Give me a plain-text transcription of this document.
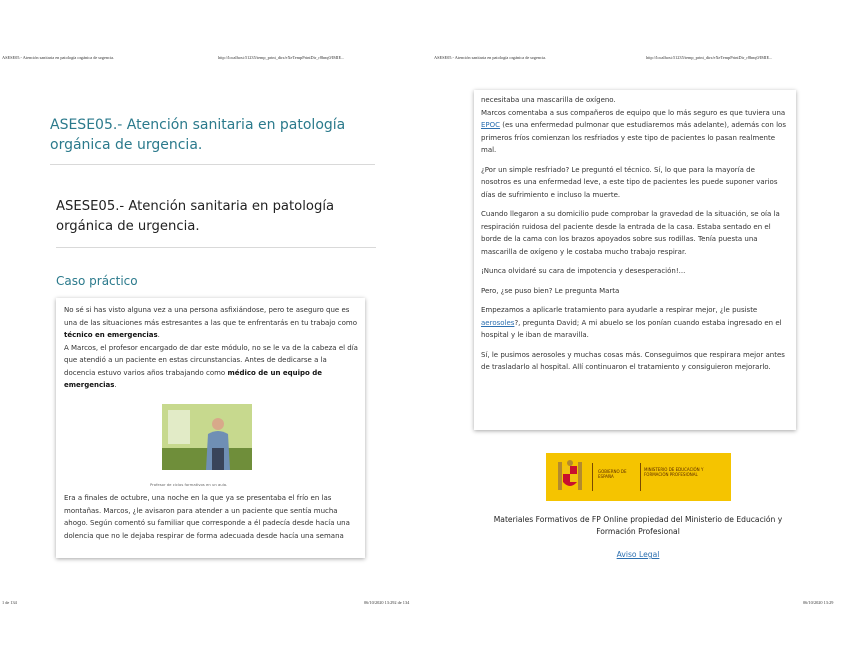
ASESE05.- Atención sanitaria en patología orgánica de urgencia.	http://localhost:51235/temp_print_dirs/eXeTempPrintDir_r8bnq0/IMIE...	ASESE05.- Atención sanitaria en patología orgánica de urgencia.	http://localhost:51235/temp_print_dirs/eXeTempPrintDir_r8bnq0/IMIE...
ASESE05.- Atención sanitaria en patología orgánica de urgencia.
ASESE05.- Atención sanitaria en patología orgánica de urgencia.
Caso práctico

No sé si has visto alguna vez a una persona asfixiándose, pero te aseguro que es una de las situaciones más estresantes a las que te enfrentarás en tu trabajo como técnico en emergencias.
A Marcos, el profesor encargado de dar este módulo, no se le va de la cabeza el día que atendió a un paciente en estas circunstancias. Antes de dedicarse a la docencia estuvo varios años trabajando como médico de un equipo de emergencias.

Profesor de ciclos formativos en un aula.
Era a finales de octubre, una noche en la que ya se presentaba el frío en las montañas. Marcos, ¿le avisaron para atender a un paciente que sentía mucha ahogo. Según comentó su familiar que corresponde a él padecía desde hacía una dolencia que no le dejaba respirar de forma adecuada desde hacía una semana

necesitaba una mascarilla de oxígeno.
Marcos comentaba a sus compañeros de equipo que lo más seguro es que tuviera una EPOC (es una enfermedad pulmonar que estudiaremos más adelante), además con los primeros fríos comienzan los resfriados y este tipo de pacientes lo pasan realmente mal.

¿Por un simple resfriado? Le preguntó el técnico. Sí, lo que para la mayoría de nosotros es una enfermedad leve, a este tipo de pacientes les puede suponer varios días de sufrimiento e incluso la muerte.

Cuando llegaron a su domicilio pude comprobar la gravedad de la situación, se oía la respiración ruidosa del paciente desde la entrada de la casa. Estaba sentado en el borde de la cama con los brazos apoyados sobre sus rodillas. Tenía puesta una mascarilla de oxígeno y le costaba mucho trabajo respirar.

¡Nunca olvidaré su cara de impotencia y desesperación!...

Pero, ¿se puso bien? Le pregunta Marta

Empezamos a aplicarle tratamiento para ayudarle a respirar mejor, ¿le pusiste aerosoles?, pregunta David; A mi abuelo se los ponían cuando estaba ingresado en el hospital y le iban de maravilla.

Sí, le pusimos aerosoles y muchas cosas más. Conseguimos que respirara mejor antes de trasladarlo al hospital. Allí continuaron el tratamiento y consiguieron mejorarlo.

GOBIERNO DE ESPAÑA
MINISTERIO DE EDUCACIÓN Y FORMACIÓN PROFESIONAL
Materiales Formativos de FP Online propiedad del Ministerio de Educación y Formación Profesional
Aviso Legal
1 de 134	06/10/2020 13:292 de 134	06/10/2020 13:29
